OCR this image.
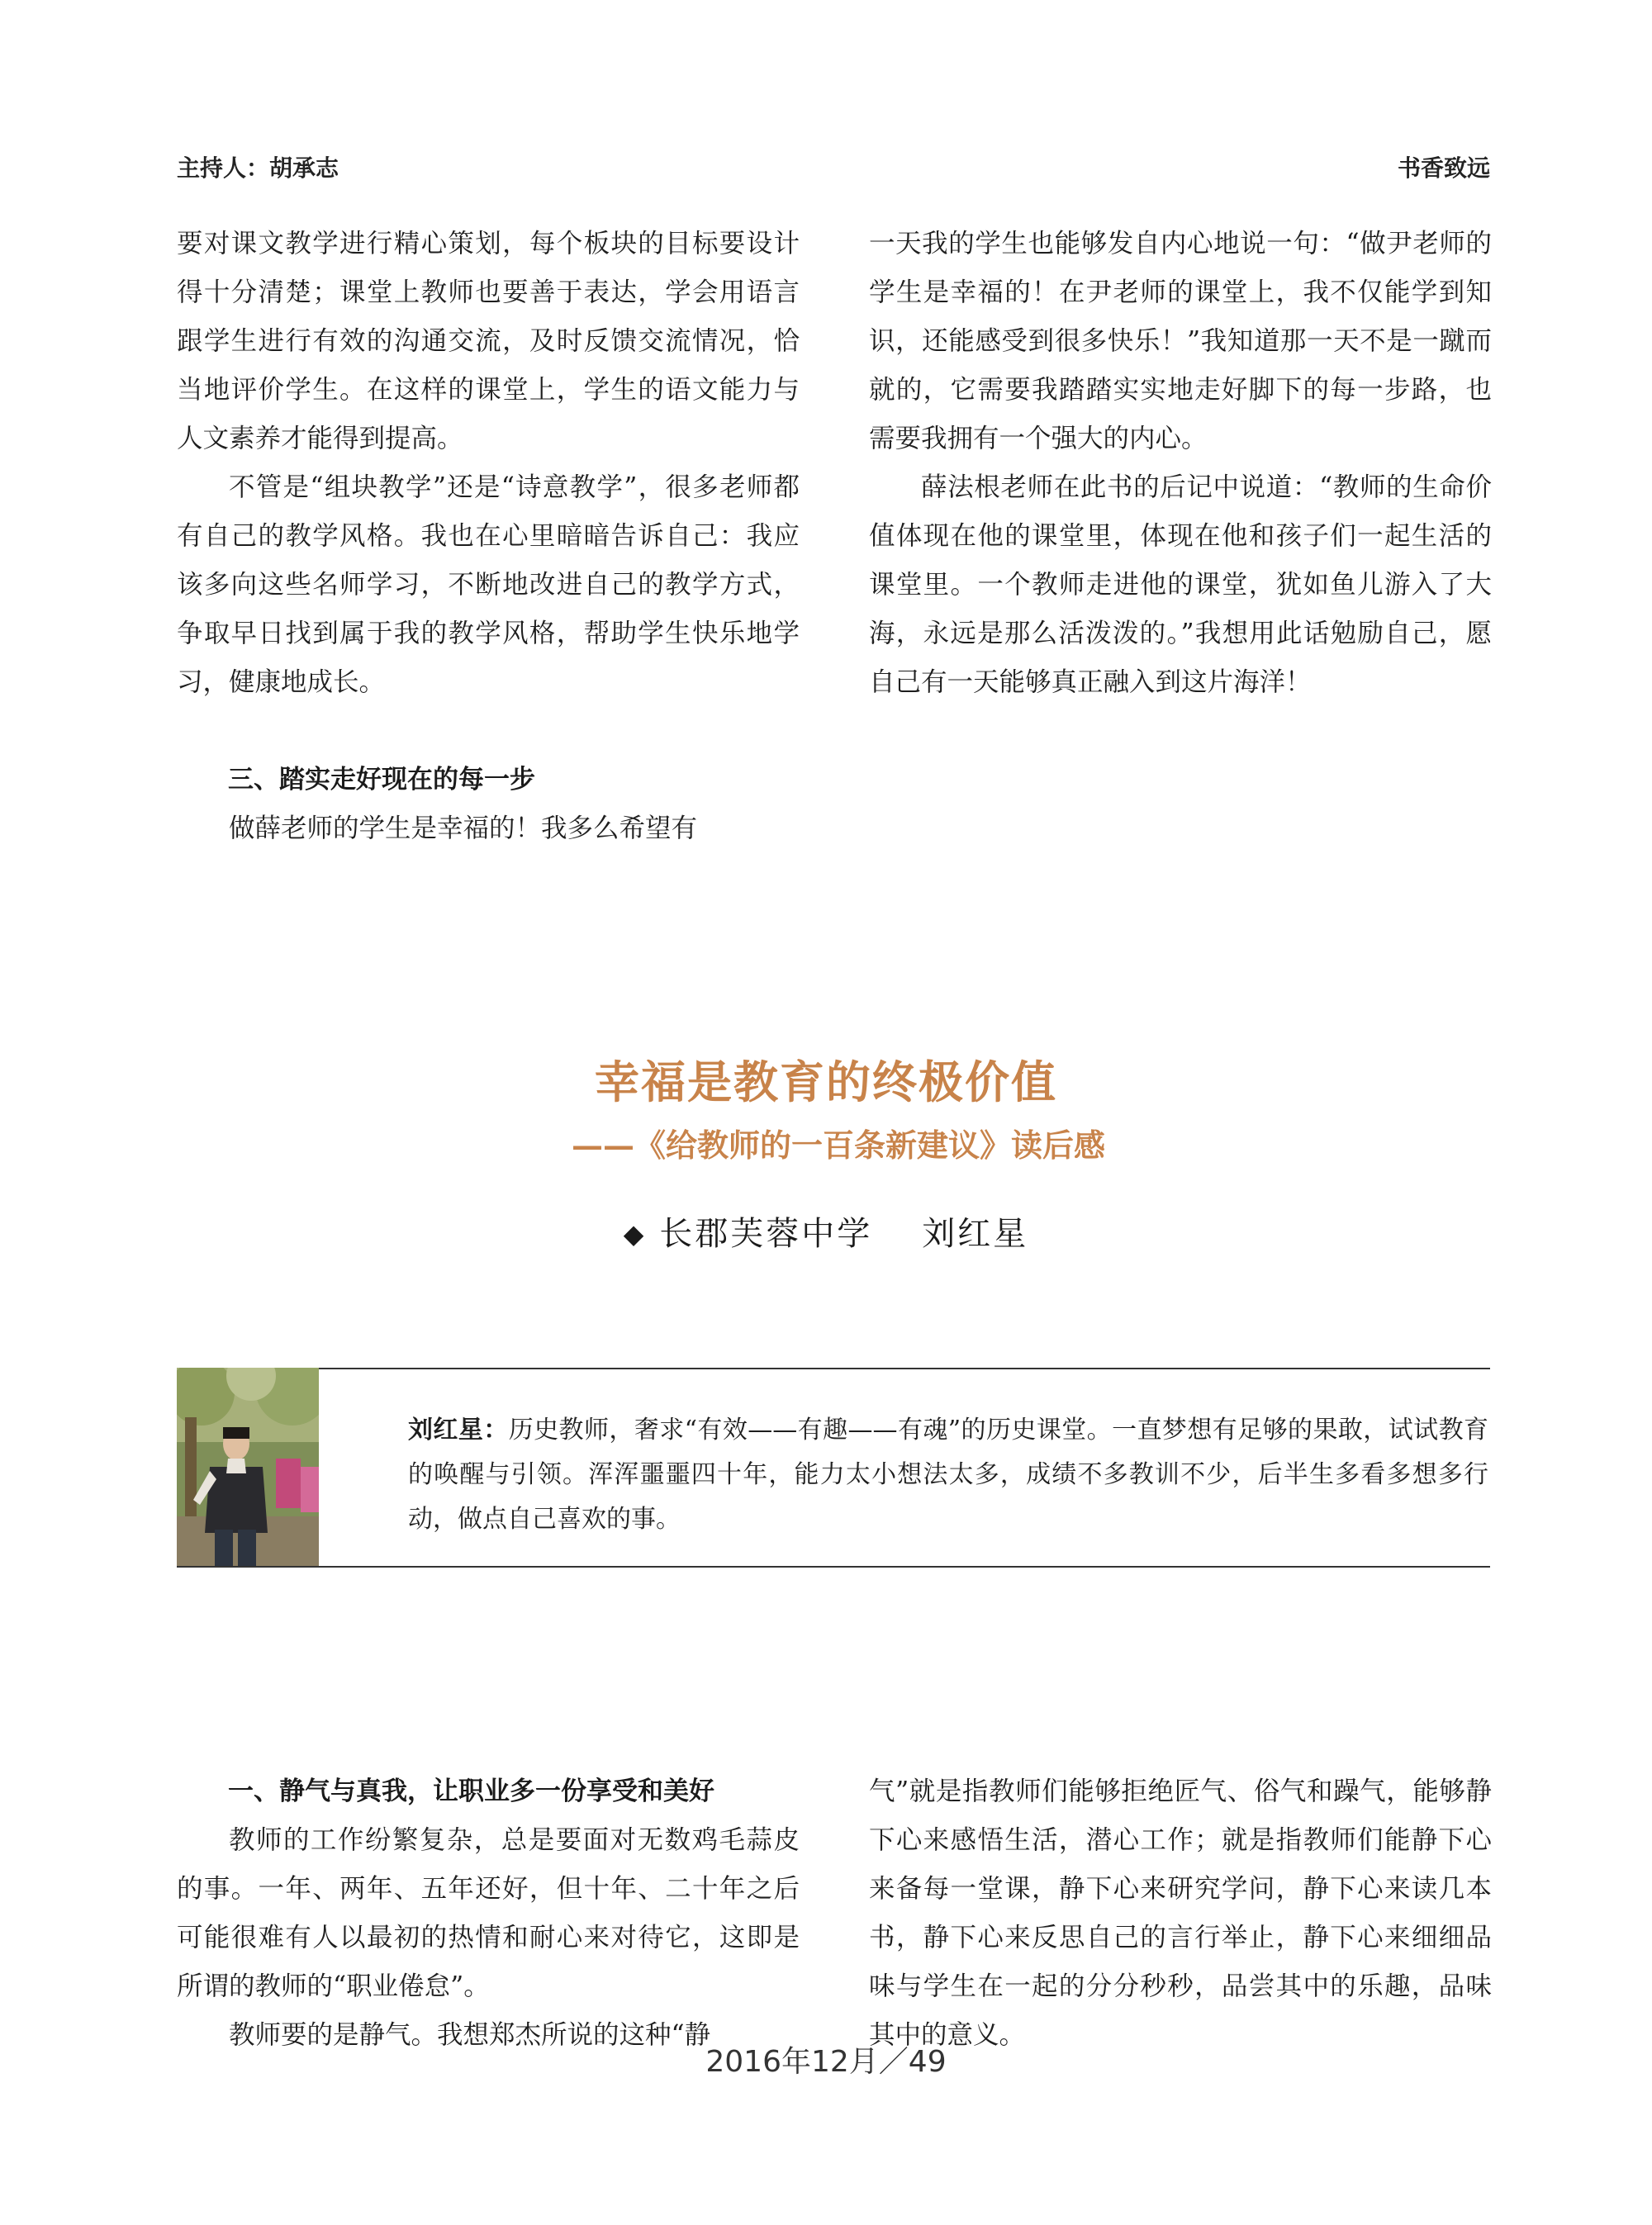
主持人：胡承志	书香致远

要对课文教学进行精心策划，每个板块的目标要设计得十分清楚；课堂上教师也要善于表达，学会用语言跟学生进行有效的沟通交流，及时反馈交流情况，恰当地评价学生。在这样的课堂上，学生的语文能力与人文素养才能得到提高。

不管是“组块教学”还是“诗意教学”，很多老师都有自己的教学风格。我也在心里暗暗告诉自己：我应该多向这些名师学习，不断地改进自己的教学方式，争取早日找到属于我的教学风格，帮助学生快乐地学习，健康地成长。

三、踏实走好现在的每一步

做薛老师的学生是幸福的！我多么希望有

一天我的学生也能够发自内心地说一句：“做尹老师的学生是幸福的！在尹老师的课堂上，我不仅能学到知识，还能感受到很多快乐！”我知道那一天不是一蹴而就的，它需要我踏踏实实地走好脚下的每一步路，也需要我拥有一个强大的内心。

薛法根老师在此书的后记中说道：“教师的生命价值体现在他的课堂里，体现在他和孩子们一起生活的课堂里。一个教师走进他的课堂，犹如鱼儿游入了大海，永远是那么活泼泼的。”我想用此话勉励自己，愿自己有一天能够真正融入到这片海洋！

幸福是教育的终极价值
——《给教师的一百条新建议》读后感
◆ 长郡芙蓉中学 刘红星
刘红星：历史教师，奢求“有效——有趣——有魂”的历史课堂。一直梦想有足够的果敢，试试教育的唤醒与引领。浑浑噩噩四十年，能力太小想法太多，成绩不多教训不少，后半生多看多想多行动，做点自己喜欢的事。
一、静气与真我，让职业多一份享受和美好

教师的工作纷繁复杂，总是要面对无数鸡毛蒜皮的事。一年、两年、五年还好，但十年、二十年之后可能很难有人以最初的热情和耐心来对待它，这即是所谓的教师的“职业倦怠”。

教师要的是静气。我想郑杰所说的这种“静

气”就是指教师们能够拒绝匠气、俗气和躁气，能够静下心来感悟生活，潜心工作；就是指教师们能静下心来备每一堂课，静下心来研究学问，静下心来读几本书，静下心来反思自己的言行举止，静下心来细细品味与学生在一起的分分秒秒，品尝其中的乐趣，品味其中的意义。

2016年12月／49
